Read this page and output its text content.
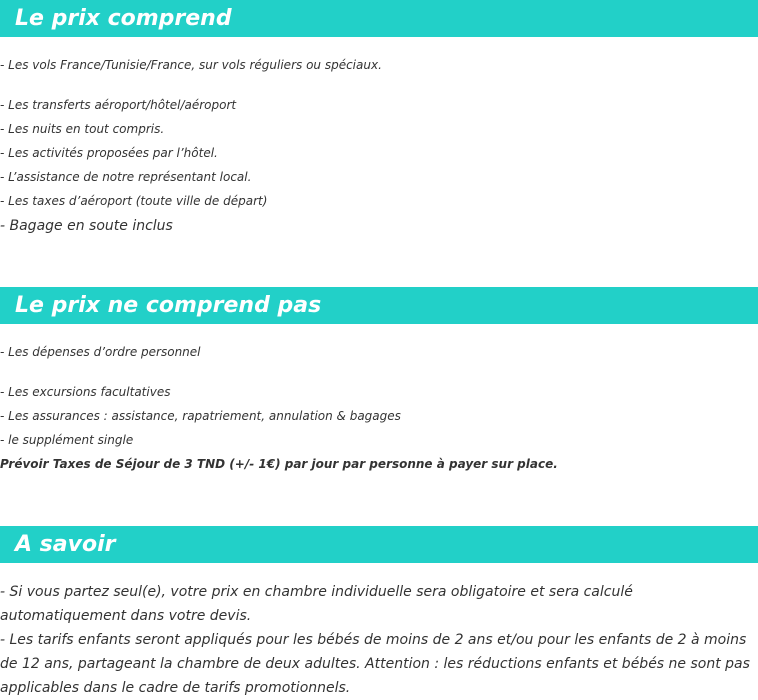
Le prix comprend
- Les vols France/Tunisie/France, sur vols réguliers ou spéciaux.
- Les transferts aéroport/hôtel/aéroport
- Les nuits en tout compris.
- Les activités proposées par l’hôtel.
- L’assistance de notre représentant local.
- Les taxes d’aéroport (toute ville de départ)
- Bagage en soute inclus
Le prix ne comprend pas
- Les dépenses d’ordre personnel
- Les excursions facultatives
- Les assurances : assistance, rapatriement, annulation & bagages
- le supplément single
Prévoir Taxes de Séjour de 3 TND (+/- 1€) par jour par personne à payer sur place.
A savoir

- Si vous partez seul(e), votre prix en chambre individuelle sera obligatoire et sera calculé automatiquement dans votre devis.

- Les tarifs enfants seront appliqués pour les bébés de moins de 2 ans et/ou pour les enfants de 2 à moins de 12 ans, partageant la chambre de deux adultes. Attention : les réductions enfants et bébés ne sont pas applicables dans le cadre de tarifs promotionnels.
